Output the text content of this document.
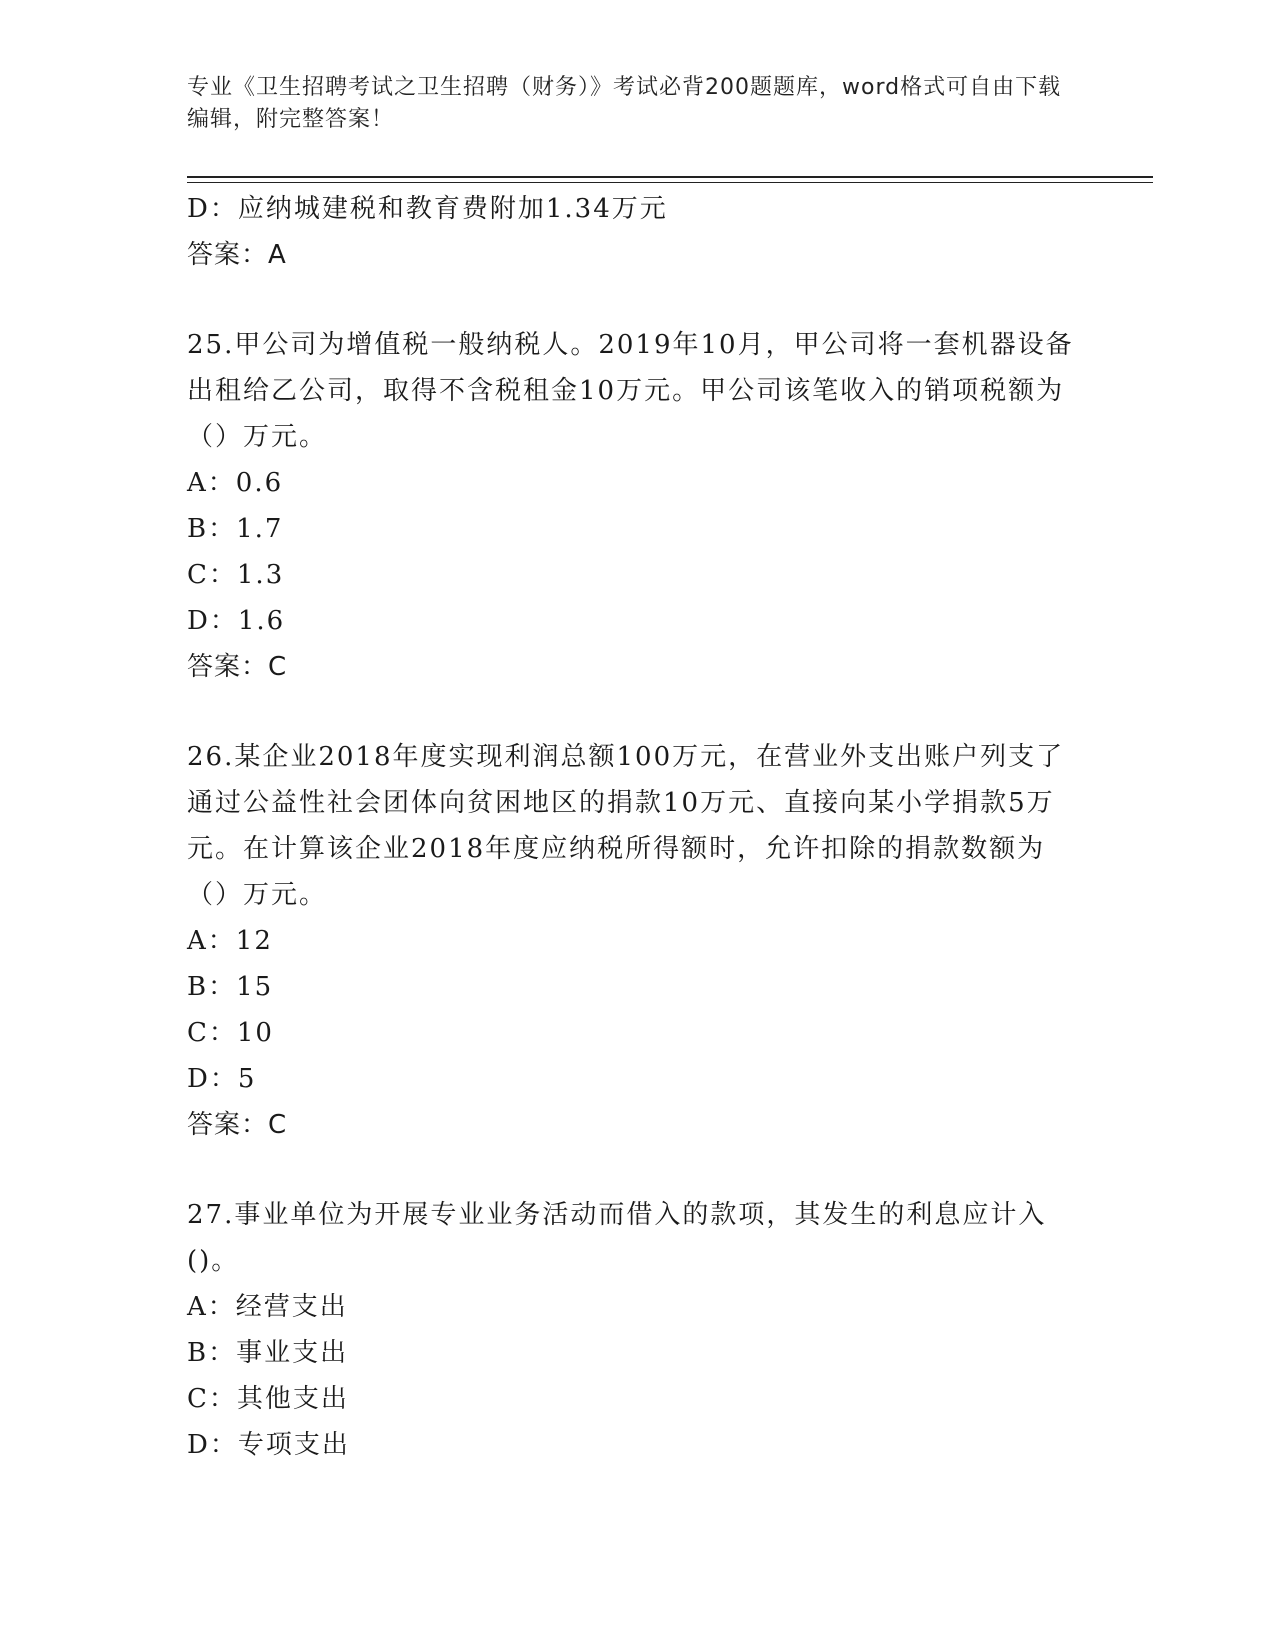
专业《卫生招聘考试之卫生招聘（财务）》考试必背200题题库，word格式可自由下载编辑，附完整答案！
D：应纳城建税和教育费附加1.34万元
答案：A
25.甲公司为增值税一般纳税人。2019年10月，甲公司将一套机器设备出租给乙公司，取得不含税租金10万元。甲公司该笔收入的销项税额为（）万元。
A：0.6
B：1.7
C：1.3
D：1.6
答案：C
26.某企业2018年度实现利润总额100万元，在营业外支出账户列支了通过公益性社会团体向贫困地区的捐款10万元、直接向某小学捐款5万元。在计算该企业2018年度应纳税所得额时，允许扣除的捐款数额为（）万元。
A：12
B：15
C：10
D：5
答案：C
27.事业单位为开展专业业务活动而借入的款项，其发生的利息应计入()。
A：经营支出
B：事业支出
C：其他支出
D：专项支出
